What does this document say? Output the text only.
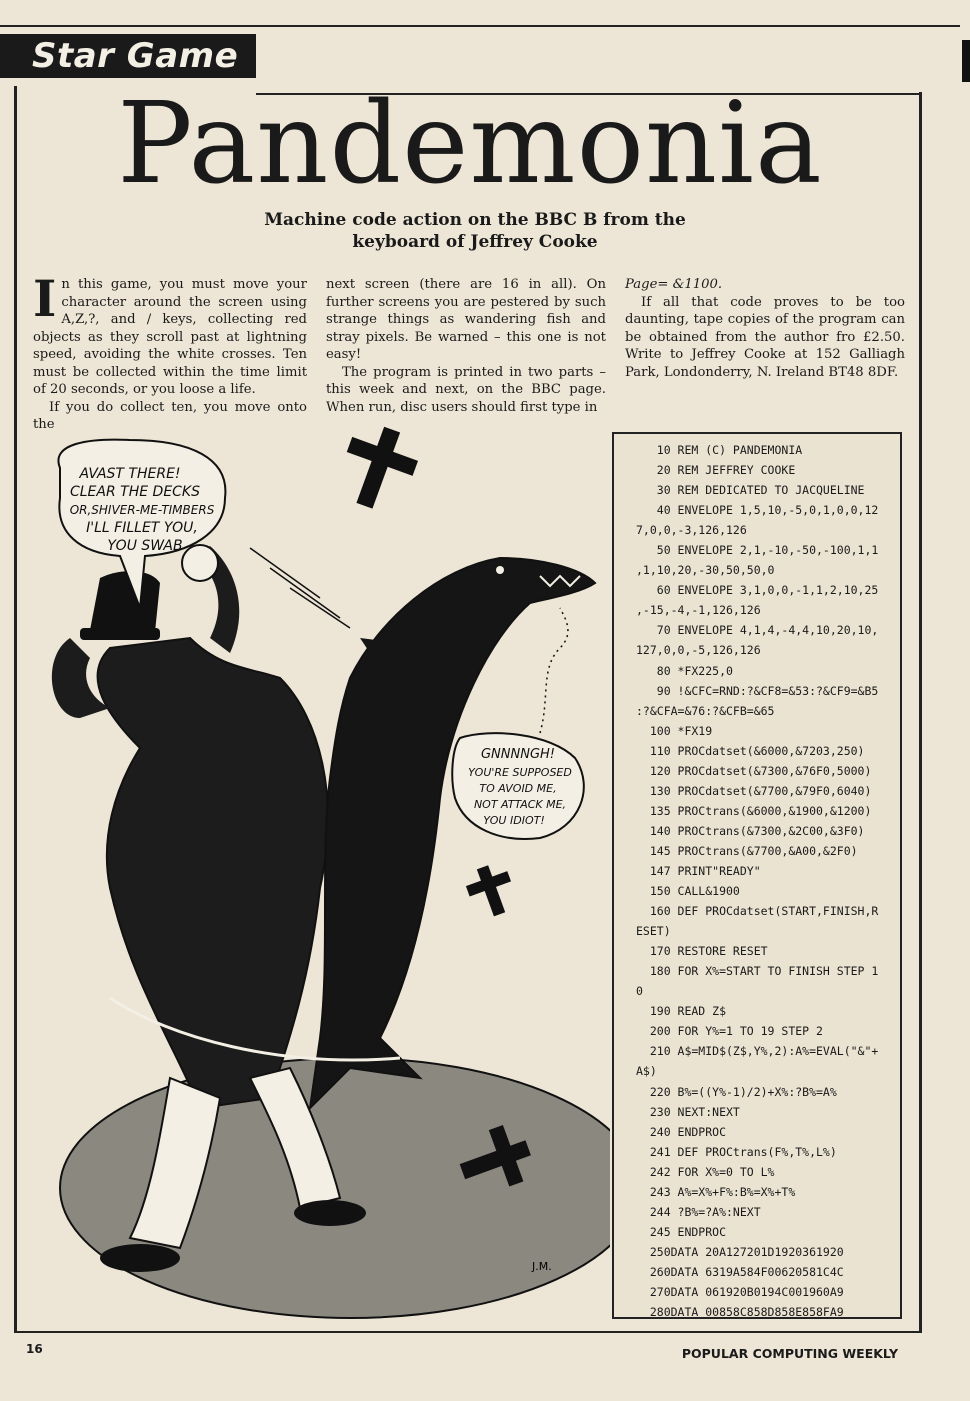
Star Game
Pandemonia
Machine code action on the BBC B from the keyboard of Jeffrey Cooke

In this game, you must move your character around the screen using A,Z,?, and / keys, collecting red objects as they scroll past at lightning speed, avoiding the white crosses. Ten must be collected within the time limit of 20 seconds, or you loose a life.

If you do collect ten, you move onto the

next screen (there are 16 in all). On further screens you are pestered by such strange things as wandering fish and stray pixels. Be warned – this one is not easy!

The program is printed in two parts – this week and next, on the BBC page. When run, disc users should first type in

Page= &1100.

If all that code proves to be too daunting, tape copies of the program can be obtained from the author fro £2.50. Write to Jeffrey Cooke at 152 Galliagh Park, Londonderry, N. Ireland BT48 8DF.

AVAST THERE!
CLEAR THE DECKS
OR,SHIVER-ME-TIMBERS
I'LL FILLET YOU,
YOU SWAB
GNNNNGH!
YOU'RE SUPPOSED
TO AVOID ME,
NOT ATTACK ME,
YOU IDIOT!
J.M.
10 REM (C) PANDEMONIA
20 REM JEFFREY COOKE
30 REM DEDICATED TO JACQUELINE
40 ENVELOPE 1,5,10,-5,0,1,0,0,12
7,0,0,-3,126,126
50 ENVELOPE 2,1,-10,-50,-100,1,1
,1,10,20,-30,50,50,0
60 ENVELOPE 3,1,0,0,-1,1,2,10,25
,-15,-4,-1,126,126
70 ENVELOPE 4,1,4,-4,4,10,20,10,
127,0,0,-5,126,126
80 *FX225,0
90 !&CFC=RND:?&CF8=&53:?&CF9=&B5
:?&CFA=&76:?&CFB=&65
100 *FX19
110 PROCdatset(&6000,&7203,250)
120 PROCdatset(&7300,&76F0,5000)
130 PROCdatset(&7700,&79F0,6040)
135 PROCtrans(&6000,&1900,&1200)
140 PROCtrans(&7300,&2C00,&3F0)
145 PROCtrans(&7700,&A00,&2F0)
147 PRINT"READY"
150 CALL&1900
160 DEF PROCdatset(START,FINISH,R
ESET)
170 RESTORE RESET
180 FOR X%=START TO FINISH STEP 1
0
190 READ Z$
200 FOR Y%=1 TO 19 STEP 2
210 A$=MID$(Z$,Y%,2):A%=EVAL("&"+
A$)
220 B%=((Y%-1)/2)+X%:?B%=A%
230 NEXT:NEXT
240 ENDPROC
241 DEF PROCtrans(F%,T%,L%)
242 FOR X%=0 TO L%
243 A%=X%+F%:B%=X%+T%
244 ?B%=?A%:NEXT
245 ENDPROC
250DATA 20A127201D1920361920
260DATA 6319A584F00620581C4C
270DATA 061920B0194C001960A9
280DATA 00858C858D858E858FA9
16	POPULAR COMPUTING WEEKLY
